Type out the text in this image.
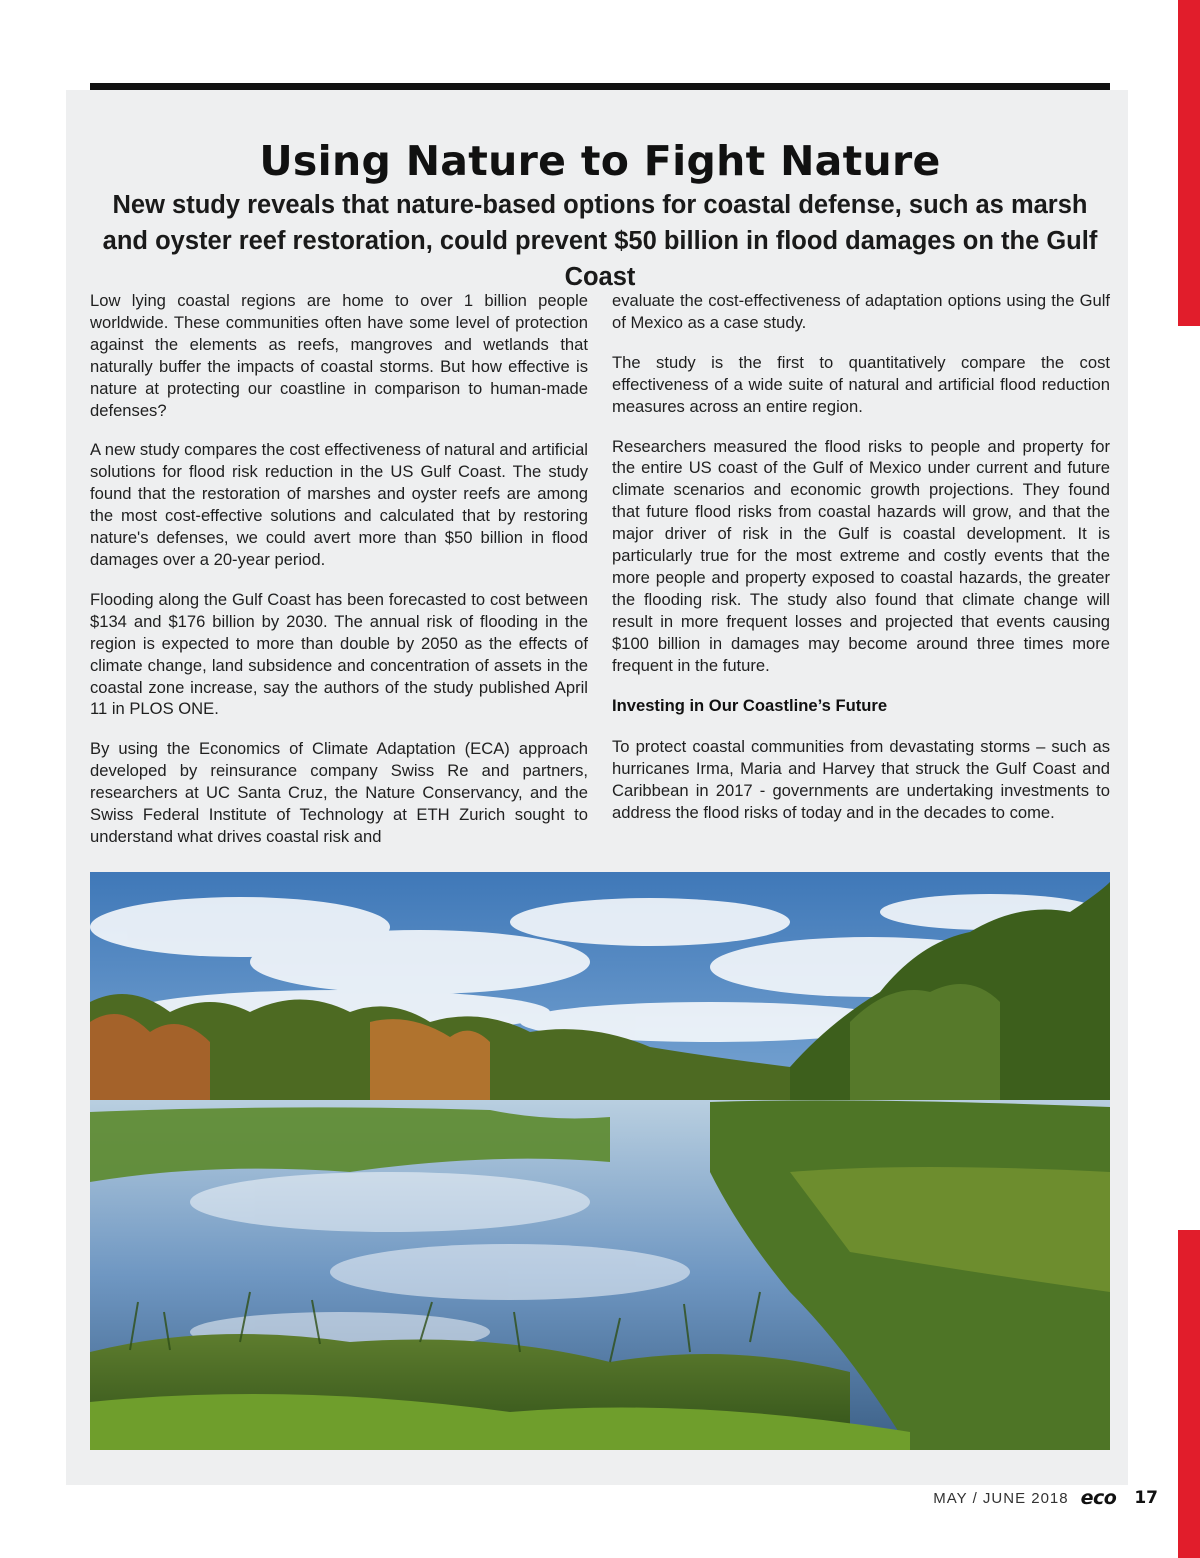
Using Nature to Fight Nature
New study reveals that nature-based options for coastal defense, such as marsh and oyster reef restoration, could prevent $50 billion in flood damages on the Gulf Coast

Low lying coastal regions are home to over 1 billion people worldwide. These communities often have some level of protection against the elements as reefs, mangroves and wetlands that naturally buffer the impacts of coastal storms. But how effective is nature at protecting our coastline in comparison to human-made defenses?

A new study compares the cost effectiveness of natural and artificial solutions for flood risk reduction in the US Gulf Coast. The study found that the restoration of marshes and oyster reefs are among the most cost-effective solutions and calculated that by restoring nature's defenses, we could avert more than $50 billion in flood damages over a 20-year period.

Flooding along the Gulf Coast has been forecasted to cost between $134 and $176 billion by 2030. The annual risk of flooding in the region is expected to more than double by 2050 as the effects of climate change, land subsidence and concentration of assets in the coastal zone increase, say the authors of the study published April 11 in PLOS ONE.

By using the Economics of Climate Adaptation (ECA) approach developed by reinsurance company Swiss Re and partners, researchers at UC Santa Cruz, the Nature Conservancy, and the Swiss Federal Institute of Technology at ETH Zurich sought to understand what drives coastal risk and

evaluate the cost-effectiveness of adaptation options using the Gulf of Mexico as a case study.

The study is the first to quantitatively compare the cost effectiveness of a wide suite of natural and artificial flood reduction measures across an entire region.

Researchers measured the flood risks to people and property for the entire US coast of the Gulf of Mexico under current and future climate scenarios and economic growth projections. They found that future flood risks from coastal hazards will grow, and that the major driver of risk in the Gulf is coastal development. It is particularly true for the most extreme and costly events that the more people and property exposed to coastal hazards, the greater the flooding risk. The study also found that climate change will result in more frequent losses and projected that events causing $100 billion in damages may become around three times more frequent in the future.

Investing in Our Coastline’s Future

To protect coastal communities from devastating storms – such as hurricanes Irma, Maria and Harvey that struck the Gulf Coast and Caribbean in 2017 - governments are undertaking investments to address the flood risks of today and in the decades to come.

MAY / JUNE 2018 eco 17
